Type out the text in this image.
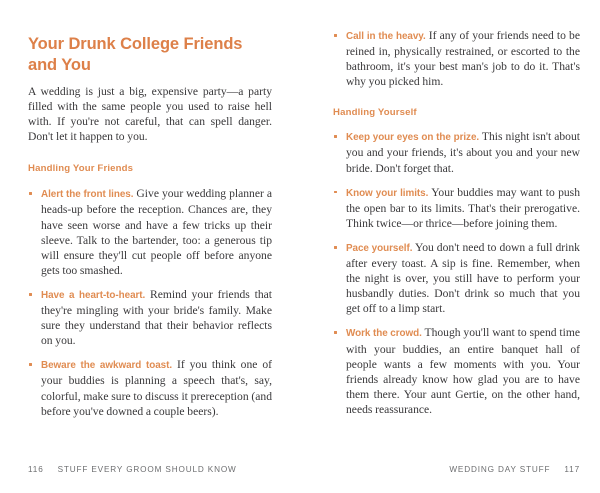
Your Drunk College Friends and You

A wedding is just a big, expensive party—a party filled with the same people you used to raise hell with. If you're not careful, that can spell danger. Don't let it happen to you.

Handling Your Friends
Alert the front lines. Give your wedding planner a heads-up before the reception. Chances are, they have seen worse and have a few tricks up their sleeve. Talk to the bartender, too: a generous tip will ensure they'll cut people off before anyone gets too smashed.
Have a heart-to-heart. Remind your friends that they're mingling with your bride's family. Make sure they understand that their behavior reflects on you.
Beware the awkward toast. If you think one of your buddies is planning a speech that's, say, colorful, make sure to discuss it prereception (and before you've downed a couple beers).
116 STUFF EVERY GROOM SHOULD KNOW
Call in the heavy. If any of your friends need to be reined in, physically restrained, or escorted to the bathroom, it's your best man's job to do it. That's why you picked him.
Handling Yourself
Keep your eyes on the prize. This night isn't about you and your friends, it's about you and your new bride. Don't forget that.
Know your limits. Your buddies may want to push the open bar to its limits. That's their prerogative. Think twice—or thrice—before joining them.
Pace yourself. You don't need to down a full drink after every toast. A sip is fine. Remember, when the night is over, you still have to perform your husbandly duties. Don't drink so much that you get off to a limp start.
Work the crowd. Though you'll want to spend time with your buddies, an entire banquet hall of people wants a few moments with you. Your friends already know how glad you are to have them there. Your aunt Gertie, on the other hand, needs reassurance.
WEDDING DAY STUFF 117
